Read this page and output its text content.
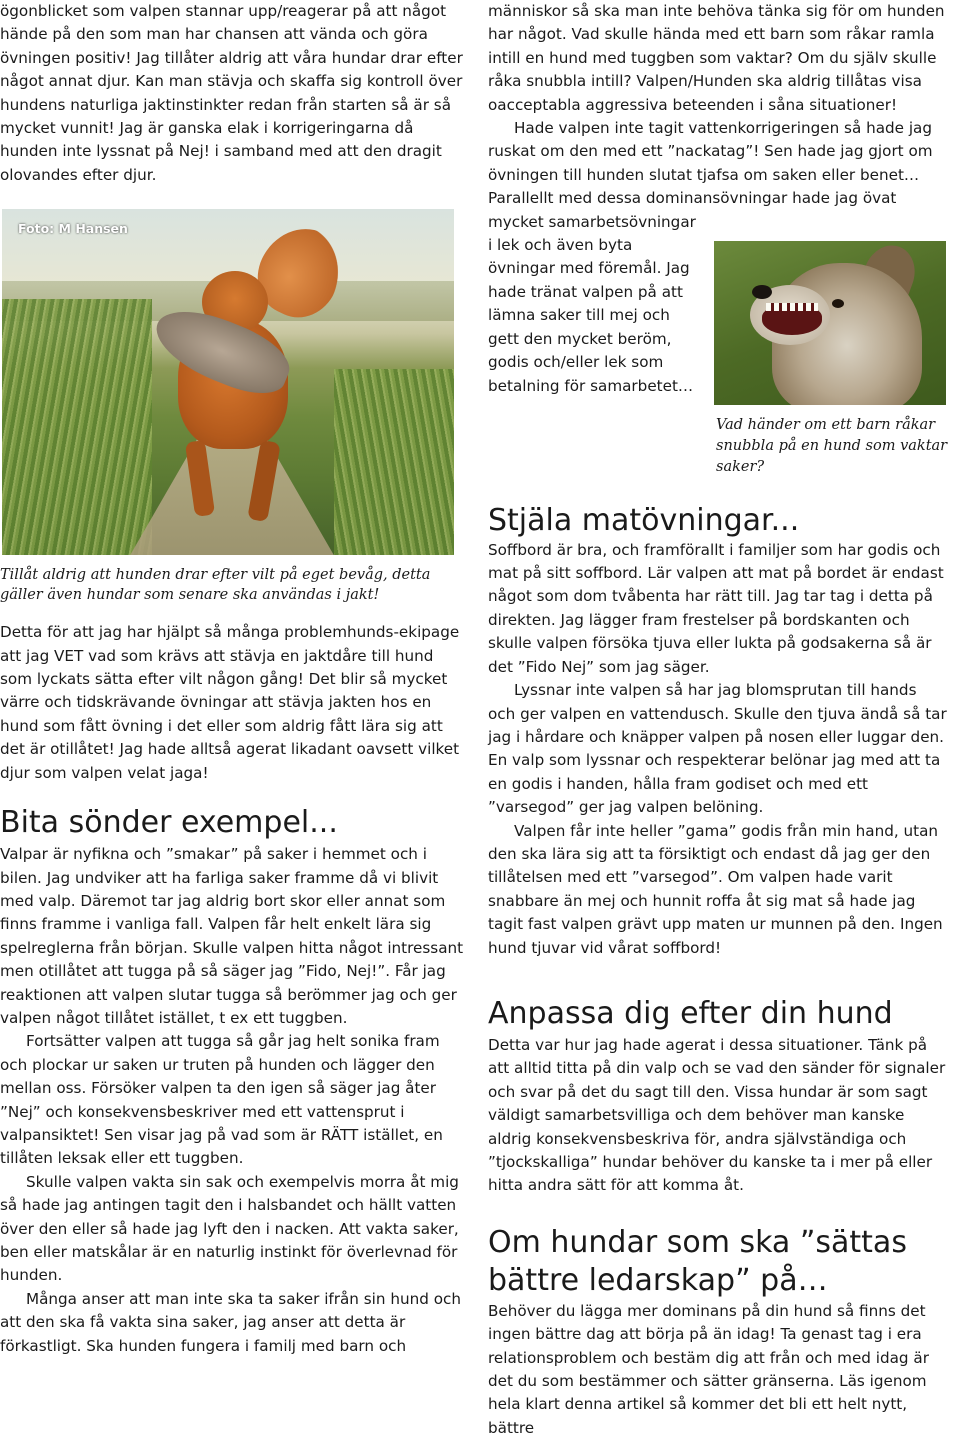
ögonblicket som valpen stannar upp/reagerar på att något hände på den som man har chansen att vända och göra övningen positiv! Jag tillåter aldrig att våra hundar drar efter något annat djur. Kan man stävja och skaffa sig kontroll över hundens naturliga jaktinstinkter redan från starten så är så mycket vunnit! Jag är ganska elak i korrigeringarna då hunden inte lyssnat på Nej! i samband med att den dragit olovandes efter djur.

Foto: M Hansen

Tillåt aldrig att hunden drar efter vilt på eget bevåg, detta gäller även hundar som senare ska användas i jakt!

Detta för att jag har hjälpt så många problemhunds-ekipage att jag VET vad som krävs att stävja en jaktdåre till hund som lyckats sätta efter vilt någon gång! Det blir så mycket värre och tidskrävande övningar att stävja jakten hos en hund som fått övning i det eller som aldrig fått lära sig att det är otillåtet! Jag hade alltså agerat likadant oavsett vilket djur som valpen velat jaga!

Bita sönder exempel...

Valpar är nyfikna och ”smakar” på saker i hemmet och i bilen. Jag undviker att ha farliga saker framme då vi blivit med valp. Däremot tar jag aldrig bort skor eller annat som finns framme i vanliga fall. Valpen får helt enkelt lära sig spelreglerna från början. Skulle valpen hitta något intressant men otillåtet att tugga på så säger jag ”Fido, Nej!”. Får jag reaktionen att valpen slutar tugga så berömmer jag och ger valpen något tillåtet istället, t ex ett tuggben.

Fortsätter valpen att tugga så går jag helt sonika fram och plockar ur saken ur truten på hunden och lägger den mellan oss. Försöker valpen ta den igen så säger jag åter ”Nej” och konsekvensbeskriver med ett vattensprut i valpansiktet! Sen visar jag på vad som är RÄTT istället, en tillåten leksak eller ett tuggben.

Skulle valpen vakta sin sak och exempelvis morra åt mig så hade jag antingen tagit den i halsbandet och hällt vatten över den eller så hade jag lyft den i nacken. Att vakta saker, ben eller matskålar är en naturlig instinkt för överlevnad för hunden.

Många anser att man inte ska ta saker ifrån sin hund och att den ska få vakta sina saker, jag anser att detta är förkastligt. Ska hunden fungera i familj med barn och

människor så ska man inte behöva tänka sig för om hunden har något. Vad skulle hända med ett barn som råkar ramla intill en hund med tuggben som vaktar? Om du själv skulle råka snubbla intill? Valpen/Hunden ska aldrig tillåtas visa oacceptabla aggressiva beteenden i såna situationer!

Hade valpen inte tagit vattenkorrigeringen så hade jag ruskat om den med ett ”nackatag”! Sen hade jag gjort om övningen till hunden slutat tjafsa om saken eller benet… Parallellt med dessa dominansövningar hade jag övat

mycket samarbetsövningar i lek och även byta övningar med föremål. Jag hade tränat valpen på att lämna saker till mej och gett den mycket beröm, godis och/eller lek som betalning för samarbetet…

Vad händer om ett barn råkar snubbla på en hund som vaktar saker?

Stjäla matövningar...

Soffbord är bra, och framförallt i familjer som har godis och mat på sitt soffbord. Lär valpen att mat på bordet är endast något som dom tvåbenta har rätt till. Jag tar tag i detta på direkten. Jag lägger fram frestelser på bordskanten och skulle valpen försöka tjuva eller lukta på godsakerna så är det ”Fido Nej” som jag säger.

Lyssnar inte valpen så har jag blomsprutan till hands och ger valpen en vattendusch. Skulle den tjuva ändå så tar jag i hårdare och knäpper valpen på nosen eller luggar den. En valp som lyssnar och respekterar belönar jag med att ta en godis i handen, hålla fram godiset och med ett ”varsegod” ger jag valpen belöning.

Valpen får inte heller ”gama” godis från min hand, utan den ska lära sig att ta försiktigt och endast då jag ger den tillåtelsen med ett ”varsegod”. Om valpen hade varit snabbare än mej och hunnit roffa åt sig mat så hade jag tagit fast valpen grävt upp maten ur munnen på den. Ingen hund tjuvar vid vårat soffbord!

Anpassa dig efter din hund

Detta var hur jag hade agerat i dessa situationer. Tänk på att alltid titta på din valp och se vad den sänder för signaler och svar på det du sagt till den. Vissa hundar är som sagt väldigt samarbetsvilliga och dem behöver man kanske aldrig konsekvensbeskriva för, andra självständiga och ”tjockskalliga” hundar behöver du kanske ta i mer på eller hitta andra sätt för att komma åt.

Om hundar som ska ”sättas bättre ledarskap” på…

Behöver du lägga mer dominans på din hund så finns det ingen bättre dag att börja på än idag! Ta genast tag i era relationsproblem och bestäm dig att från och med idag är det du som bestämmer och sätter gränserna. Läs igenom hela klart denna artikel så kommer det bli ett helt nytt, bättre
